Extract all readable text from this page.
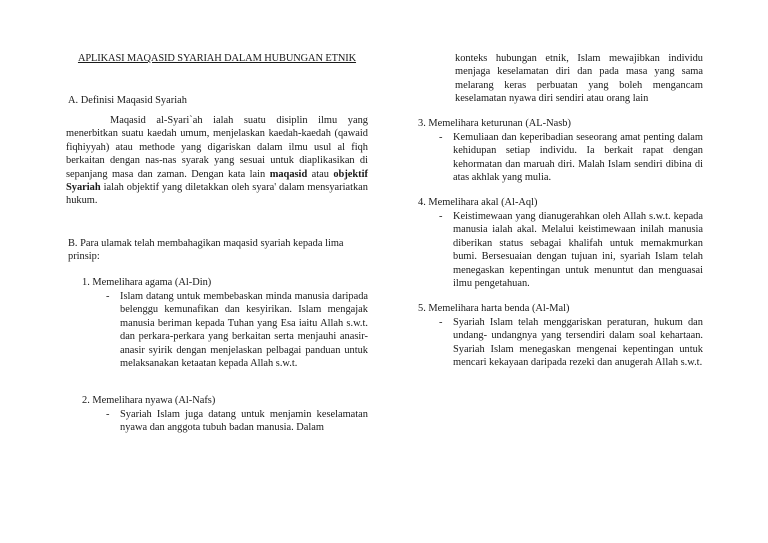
APLIKASI MAQASID SYARIAH DALAM HUBUNGAN ETNIK
A. Definisi Maqasid Syariah
Maqasid al-Syari`ah ialah suatu disiplin ilmu yang menerbitkan suatu kaedah umum, menjelaskan kaedah-kaedah (qawaid fiqhiyyah) atau methode yang digariskan dalam ilmu usul al fiqh berkaitan dengan nas-nas syarak yang sesuai untuk diaplikasikan di sepanjang masa dan zaman. Dengan kata lain maqasid atau objektif Syariah ialah objektif yang diletakkan oleh syara' dalam mensyariatkan hukum.
B. Para ulamak telah membahagikan maqasid syariah kepada lima prinsip:
1. Memelihara agama (Al-Din)
-	Islam datang untuk membebaskan minda manusia daripada belenggu kemunafikan dan kesyirikan. Islam mengajak manusia beriman kepada Tuhan yang Esa iaitu Allah s.w.t. dan perkara-perkara yang berkaitan serta menjauhi anasir-anasir syirik dengan menjelaskan pelbagai panduan untuk melaksanakan ketaatan kepada Allah s.w.t.
2. Memelihara nyawa (Al-Nafs)
-	Syariah Islam juga datang untuk menjamin keselamatan nyawa dan anggota tubuh badan manusia. Dalam
konteks hubungan etnik, Islam mewajibkan individu menjaga keselamatan diri dan pada masa yang sama melarang keras perbuatan yang boleh mengancam keselamatan nyawa diri sendiri atau orang lain
3. Memelihara keturunan (AL-Nasb)
-	Kemuliaan dan keperibadian seseorang amat penting dalam kehidupan setiap individu. Ia berkait rapat dengan kehormatan dan maruah diri. Malah Islam sendiri dibina di atas akhlak yang mulia.
4. Memelihara akal (Al-Aql)
-	Keistimewaan yang dianugerahkan oleh Allah s.w.t. kepada manusia ialah akal. Melalui keistimewaan inilah manusia diberikan status sebagai khalifah untuk memakmurkan bumi. Bersesuaian dengan tujuan ini, syariah Islam telah menegaskan kepentingan untuk menuntut dan menguasai ilmu pengetahuan.
5. Memelihara harta benda (Al-Mal)
-	Syariah Islam telah menggariskan peraturan, hukum dan undang- undangnya yang tersendiri dalam soal kehartaan. Syariah Islam menegaskan mengenai kepentingan untuk mencari kekayaan daripada rezeki dan anugerah Allah s.w.t.
